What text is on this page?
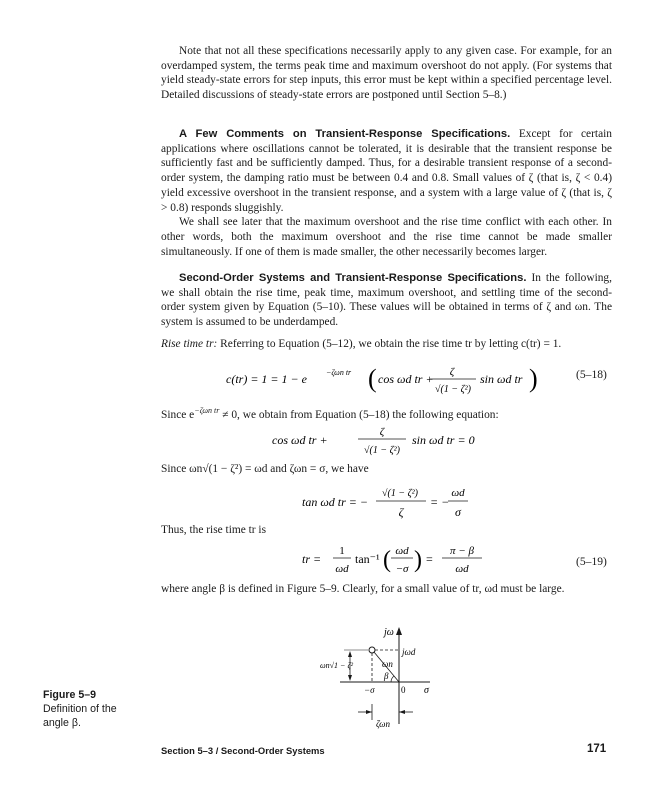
Note that not all these specifications necessarily apply to any given case. For example, for an overdamped system, the terms peak time and maximum overshoot do not apply. (For systems that yield steady-state errors for step inputs, this error must be kept within a specified percentage level. Detailed discussions of steady-state errors are postponed until Section 5–8.)

A Few Comments on Transient-Response Specifications. Except for certain applications where oscillations cannot be tolerated, it is desirable that the transient response be sufficiently fast and be sufficiently damped. Thus, for a desirable transient response of a second-order system, the damping ratio must be between 0.4 and 0.8. Small values of ζ (that is, ζ < 0.4) yield excessive overshoot in the transient response, and a system with a large value of ζ (that is, ζ > 0.8) responds sluggishly.

We shall see later that the maximum overshoot and the rise time conflict with each other. In other words, both the maximum overshoot and the rise time cannot be made smaller simultaneously. If one of them is made smaller, the other necessarily becomes larger.

Second-Order Systems and Transient-Response Specifications. In the following, we shall obtain the rise time, peak time, maximum overshoot, and settling time of the second-order system given by Equation (5–10). These values will be obtained in terms of ζ and ωn. The system is assumed to be underdamped.

Rise time tr: Referring to Equation (5–12), we obtain the rise time tr by letting c(tr) = 1.

c(tr) = 1 = 1 − e −ζωn tr ( cos ωd tr + ζ
√(1 − ζ²)
sin ωd tr )	(5–18)

Since $e^{-\zeta\omega n tr} \ne 0$, we obtain from Equation (5–18) the following equation:

cos ωd tr +
ζ
√(1 − ζ²)
sin ωd tr = 0

Since ωn√(1 − ζ²) = ωd and ζωn = σ, we have

tan ωd tr = −
√(1 − ζ²)
ζ
= −
ωd
σ

Thus, the rise time tr is

tr =
1
ωd
tan⁻¹ ( ωd
−σ ) =
π − β
ωd
(5–19)

where angle β is defined in Figure 5–9. Clearly, for a small value of tr, ωd must be large.

jω
jωd
ωn
β
ωn√1 − ζ²
−σ	0 σ
ζωn
Figure 5–9
Definition of the angle β.
Section 5–3 / Second-Order Systems	171
